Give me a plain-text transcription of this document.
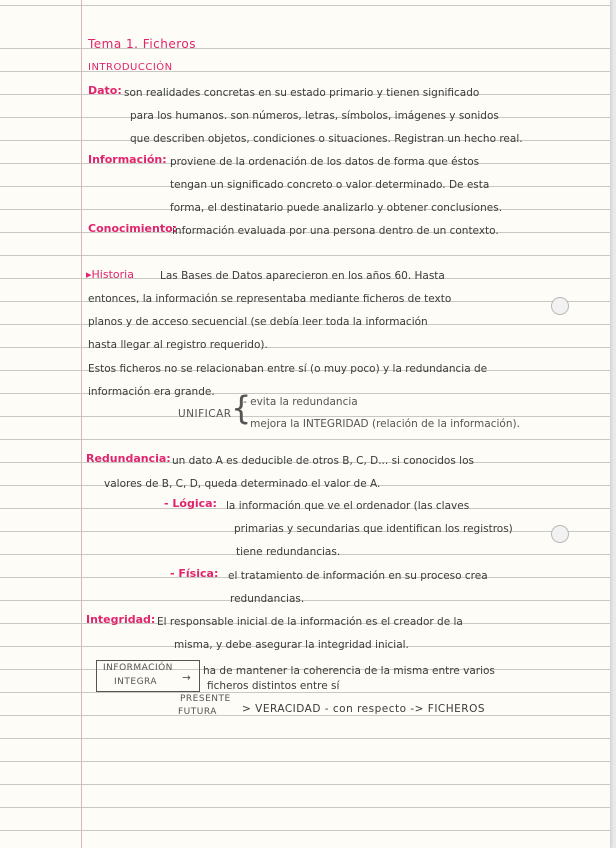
Tema 1. Ficheros
INTRODUCCIÓN
Dato: son realidades concretas en su estado primario y tienen significado
para los humanos. son números, letras, símbolos, imágenes y sonidos
que describen objetos, condiciones o situaciones. Registran un hecho real.
Información: proviene de la ordenación de los datos de forma que éstos
tengan un significado concreto o valor determinado. De esta
forma, el destinatario puede analizarlo y obtener conclusiones.
Conocimiento:
información evaluada por una persona dentro de un contexto.
▸Historia Las Bases de Datos aparecieron en los años 60. Hasta
entonces, la información se representaba mediante ficheros de texto
planos y de acceso secuencial (se debía leer toda la información
hasta llegar al registro requerido).
Estos ficheros no se relacionaban entre sí (o muy poco) y la redundancia de
información era grande.
UNIFICAR {
- evita la redundancia
- mejora la INTEGRIDAD (relación de la información).
Redundancia: un dato A es deducible de otros B, C, D... si conocidos los
valores de B, C, D, queda determinado el valor de A.
- Lógica: la información que ve el ordenador (las claves
primarias y secundarias que identifican los registros)
tiene redundancias.
- Física: el tratamiento de información en su proceso crea
redundancias.
Integridad: El responsable inicial de la información es el creador de la
misma, y debe asegurar la integridad inicial.
INFORMACIÓN
INTEGRA →
ha de mantener la coherencia de la misma entre varios
ficheros distintos entre sí
PRESENTE
FUTURA > VERACIDAD - con respecto -> FICHEROS
